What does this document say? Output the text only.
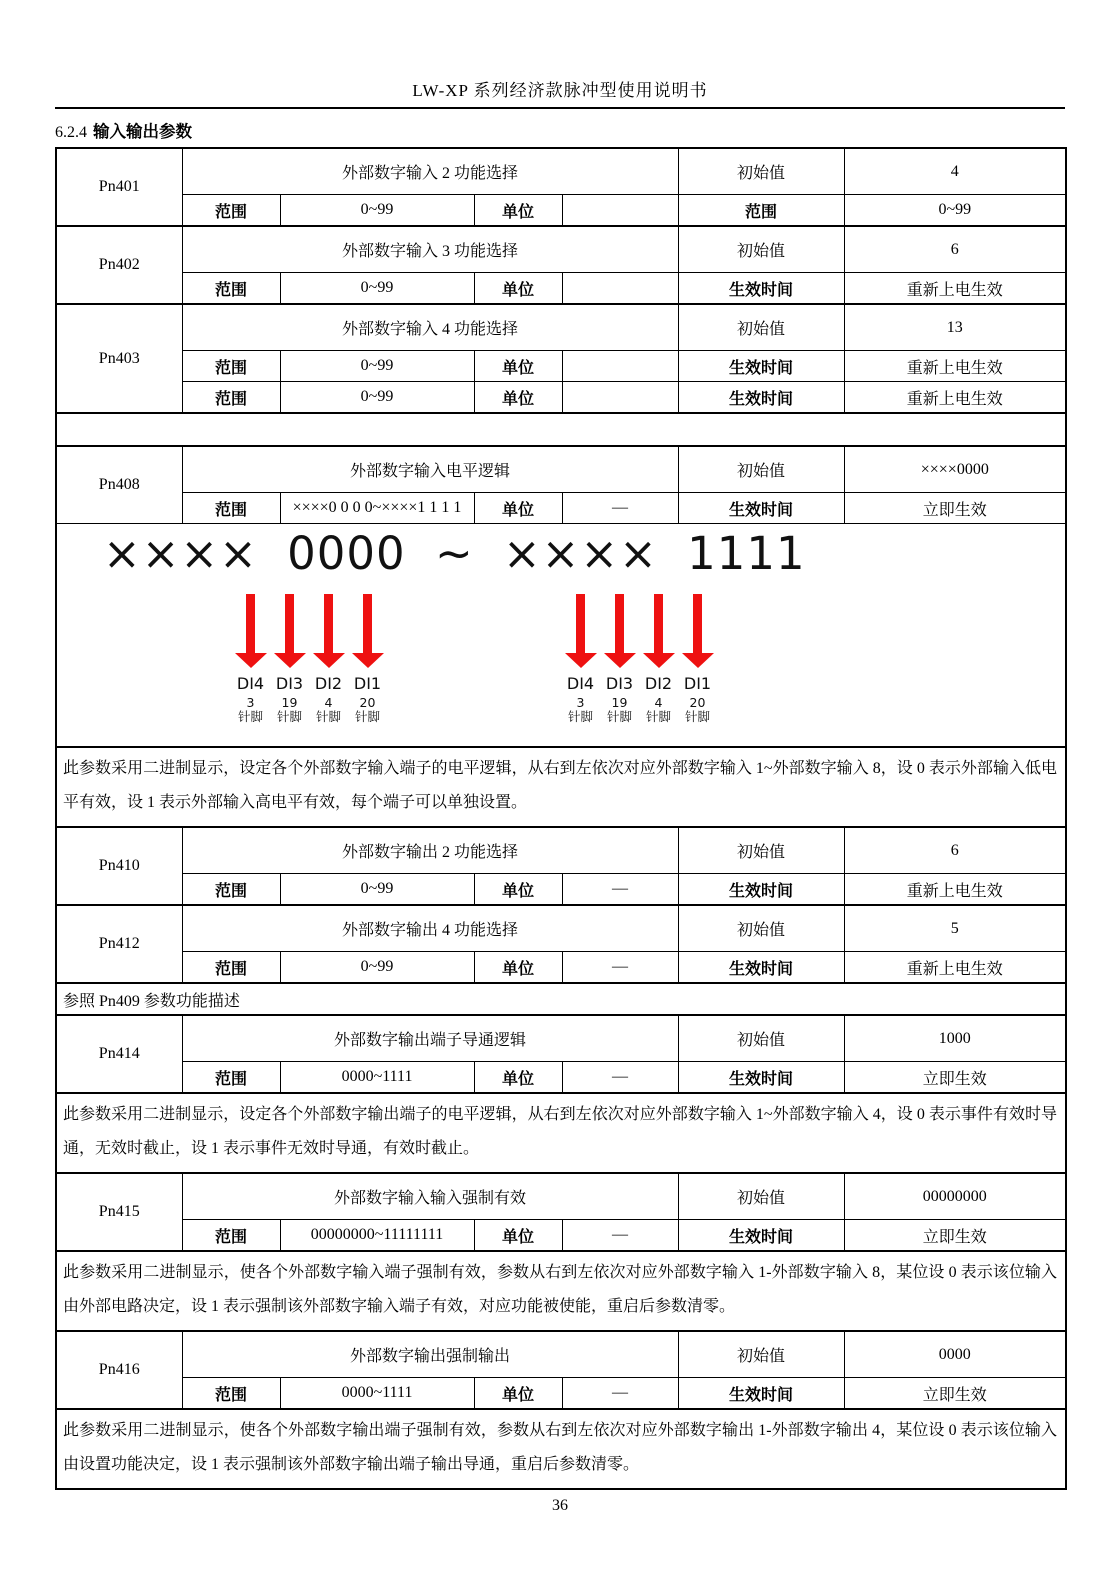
LW-XP 系列经济款脉冲型使用说明书
6.2.4 输入输出参数
Pn401	外部数字输入 2 功能选择				初始值	4
	范围	0~99	单位		范围	0~99
Pn402	外部数字输入 3 功能选择				初始值	6
	范围	0~99	单位		生效时间	重新上电生效
Pn403	外部数字输入 4 功能选择				初始值	13
	范围	0~99	单位		生效时间	重新上电生效
	范围	0~99	单位		生效时间	重新上电生效

Pn408	外部数字输入电平逻辑				初始值	××××0000
	范围	××××0 0 0 0~××××1 1 1 1	单位	—	生效时间	立即生效

×××× 0000 ~ ×××× 1111
DI4
3
针脚
DI3
19
针脚
DI2
4
针脚
DI1
20
针脚
DI4
3
针脚
DI3
19
针脚
DI2
4
针脚
DI1
20
针脚

此参数采用二进制显示，设定各个外部数字输入端子的电平逻辑，从右到左依次对应外部数字输入 1~外部数字输入 8，设 0 表示外部输入低电平有效，设 1 表示外部输入高电平有效，每个端子可以单独设置。						
Pn410	外部数字输出 2 功能选择				初始值	6
	范围	0~99	单位	—	生效时间	重新上电生效
Pn412	外部数字输出 4 功能选择				初始值	5
	范围	0~99	单位	—	生效时间	重新上电生效
参照 Pn409 参数功能描述						
Pn414	外部数字输出端子导通逻辑				初始值	1000
	范围	0000~1111	单位	—	生效时间	立即生效
此参数采用二进制显示，设定各个外部数字输出端子的电平逻辑，从右到左依次对应外部数字输入 1~外部数字输入 4，设 0 表示事件有效时导通，无效时截止，设 1 表示事件无效时导通，有效时截止。						
Pn415	外部数字输入输入强制有效				初始值	00000000
	范围	00000000~11111111	单位	—	生效时间	立即生效
此参数采用二进制显示，使各个外部数字输入端子强制有效，参数从右到左依次对应外部数字输入 1-外部数字输入 8，某位设 0 表示该位输入由外部电路决定，设 1 表示强制该外部数字输入端子有效，对应功能被使能，重启后参数清零。						
Pn416	外部数字输出强制输出				初始值	0000
	范围	0000~1111	单位	—	生效时间	立即生效
此参数采用二进制显示，使各个外部数字输出端子强制有效，参数从右到左依次对应外部数字输出 1-外部数字输出 4，某位设 0 表示该位输入由设置功能决定，设 1 表示强制该外部数字输出端子输出导通，重启后参数清零。						
36
